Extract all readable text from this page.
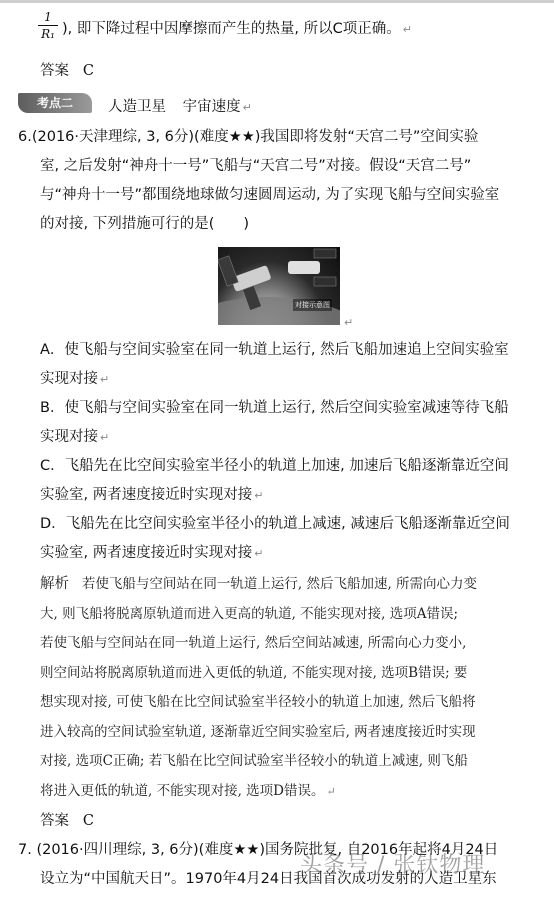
1
R₁ ), 即下降过程中因摩擦而产生的热量, 所以C项正确。 ↵
答案 C
考点二	人造卫星 宇宙速度 ↵
6.(2016·天津理综, 3, 6分)(难度★★)我国即将发射“天宫二号”空间实验
室, 之后发射“神舟十一号”飞船与“天宫二号”对接。假设“天宫二号”
与“神舟十一号”都围绕地球做匀速圆周运动, 为了实现飞船与空间实验室
的对接, 下列措施可行的是(　　)
对接示意图
↵
A．使飞船与空间实验室在同一轨道上运行, 然后飞船加速追上空间实验室
实现对接 ↵
B．使飞船与空间实验室在同一轨道上运行, 然后空间实验室减速等待飞船
实现对接 ↵
C．飞船先在比空间实验室半径小的轨道上加速, 加速后飞船逐渐靠近空间
实验室, 两者速度接近时实现对接 ↵
D．飞船先在比空间实验室半径小的轨道上减速, 减速后飞船逐渐靠近空间
实验室, 两者速度接近时实现对接 ↵
解析 若使飞船与空间站在同一轨道上运行, 然后飞船加速, 所需向心力变
大, 则飞船将脱离原轨道而进入更高的轨道, 不能实现对接, 选项A错误;
若使飞船与空间站在同一轨道上运行, 然后空间站减速, 所需向心力变小,
则空间站将脱离原轨道而进入更低的轨道, 不能实现对接, 选项B错误; 要
想实现对接, 可使飞船在比空间试验室半径较小的轨道上加速, 然后飞船将
进入较高的空间试验室轨道, 逐渐靠近空间实验室后, 两者速度接近时实现
对接, 选项C正确; 若飞船在比空间试验室半径较小的轨道上减速, 则飞船
将进入更低的轨道, 不能实现对接, 选项D错误。 ↵
答案 C
7. (2016·四川理综, 3, 6分)(难度★★)国务院批复, 自2016年起将4月24日
设立为“中国航天日”。1970年4月24日我国首次成功发射的人造卫星东
头条号 / 张钛物理
